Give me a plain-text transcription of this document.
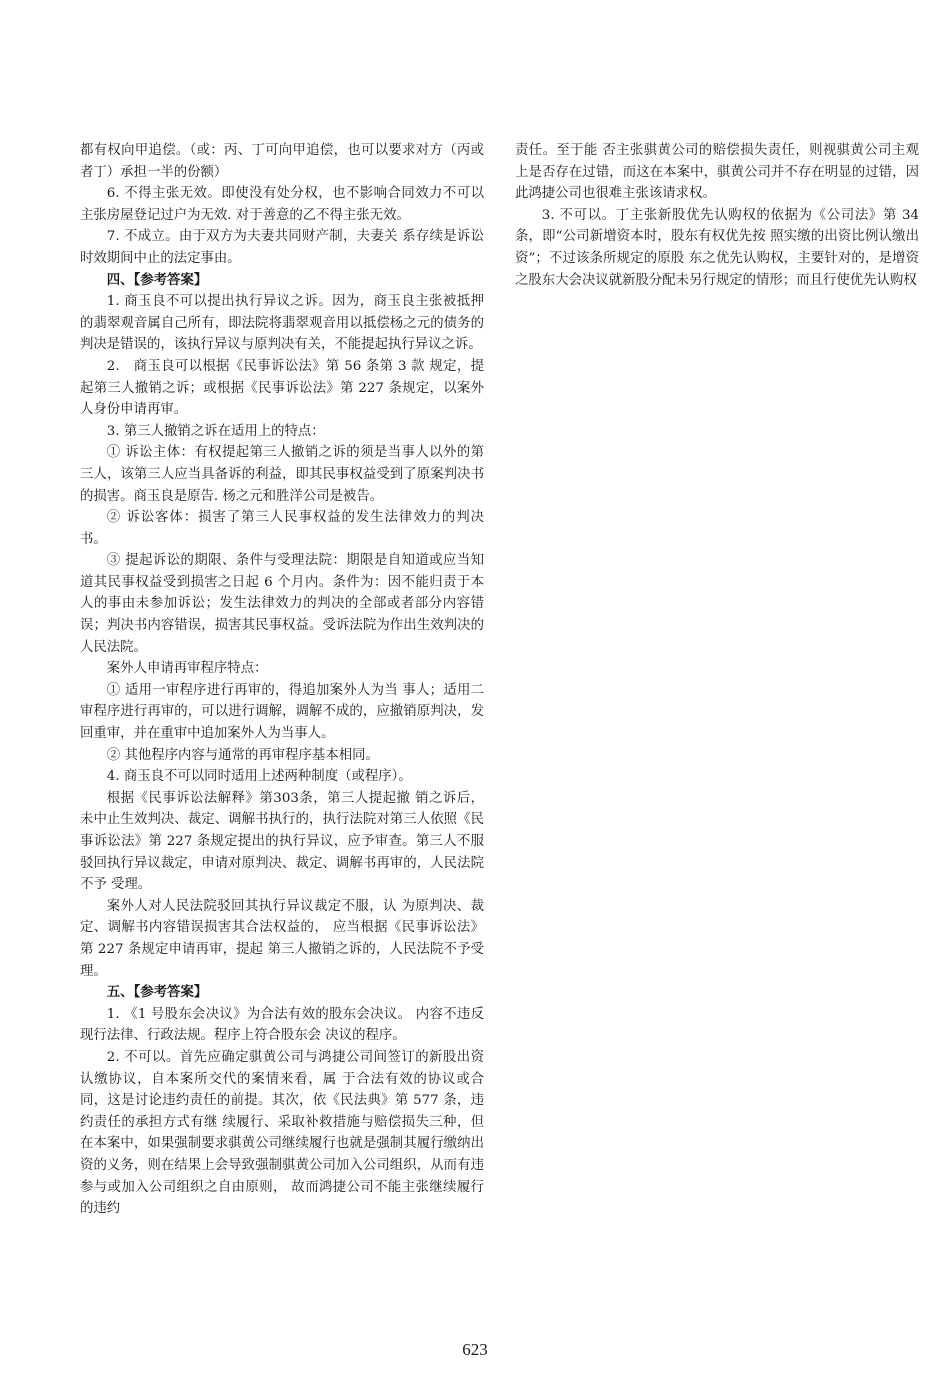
都有权向甲追偿。（或：丙、丁可向甲追偿，也可以要求对方（丙或者丁）承担一半的份额）

6. 不得主张无效。即使没有处分权，也不影响合同效力不可以主张房屋登记过户为无效. 对于善意的乙不得主张无效。

7. 不成立。由于双方为夫妻共同财产制，夫妻关 系存续是诉讼时效期间中止的法定事由。

四、【参考答案】

1. 商玉良不可以提出执行异议之诉。因为，商玉良主张被抵押的翡翠观音属自己所有，即法院将翡翠观音用以抵偿杨之元的债务的判决是错误的，该执行异议与原判决有关，不能提起执行异议之诉。

2.　商玉良可以根据《民事诉讼法》第 56 条第 3 款 规定，提起第三人撤销之诉；或根据《民事诉讼法》第 227 条规定，以案外人身份申请再审。

3. 第三人撤销之诉在适用上的特点：

① 诉讼主体：有权提起第三人撤销之诉的须是当事人以外的第三人，该第三人应当具备诉的利益，即其民事权益受到了原案判决书的损害。商玉良是原告. 杨之元和胜洋公司是被告。

② 诉讼客体：损害了第三人民事权益的发生法律效力的判决书。

③ 提起诉讼的期限、条件与受理法院：期限是自知道或应当知道其民事权益受到损害之日起 6 个月内。条件为：因不能归责于本人的事由未参加诉讼；发生法律效力的判决的全部或者部分内容错误；判决书内容错误，损害其民事权益。受诉法院为作出生效判决的人民法院。

案外人申请再审程序特点：

① 适用一审程序进行再审的，得追加案外人为当 事人；适用二审程序进行再审的，可以进行调解，调解不成的，应撤销原判决，发回重审，并在重审中追加案外人为当事人。

② 其他程序内容与通常的再审程序基本相同。

4. 商玉良不可以同时适用上述两种制度（或程序）。

根据《民事诉讼法解释》第303条，第三人提起撤 销之诉后，未中止生效判决、裁定、调解书执行的，执行法院对第三人依照《民事诉讼法》第 227 条规定提出的执行异议，应予审查。第三人不服驳回执行异议裁定，申请对原判决、裁定、调解书再审的，人民法院不予 受理。

案外人对人民法院驳回其执行异议裁定不服，认 为原判决、裁定、调解书内容错误损害其合法权益的， 应当根据《民事诉讼法》第 227 条规定申请再审，提起 第三人撤销之诉的，人民法院不予受理。

五、【参考答案】

1. 《1 号股东会决议》为合法有效的股东会决议。 内容不违反现行法律、行政法规。程序上符合股东会 决议的程序。

2. 不可以。首先应确定骐黄公司与鸿捷公司间签订的新股出资认缴协议，自本案所交代的案情来看，属 于合法有效的协议或合同，这是讨论违约责任的前提。其次，依《民法典》第 577 条，违约责任的承担方式有继 续履行、采取补救措施与赔偿损失三种，但在本案中，如果强制要求骐黄公司继续履行也就是强制其履行缴纳出资的义务，则在结果上会导致强制骐黄公司加入公司组织，从而有违参与或加入公司组织之自由原则， 故而鸿捷公司不能主张继续履行的违约

责任。至于能 否主张骐黄公司的赔偿损失责任，则视骐黄公司主观上是否存在过错，而这在本案中，骐黄公司并不存在明显的过错，因此鸿捷公司也很难主张该请求权。

3. 不可以。丁主张新股优先认购权的依据为《公司法》第 34 条，即“公司新增资本时，股东有权优先按 照实缴的出资比例认缴出资”；不过该条所规定的原股 东之优先认购权，主要针对的，是增资之股东大会决议就新股分配未另行规定的情形；而且行使优先认购权

623
